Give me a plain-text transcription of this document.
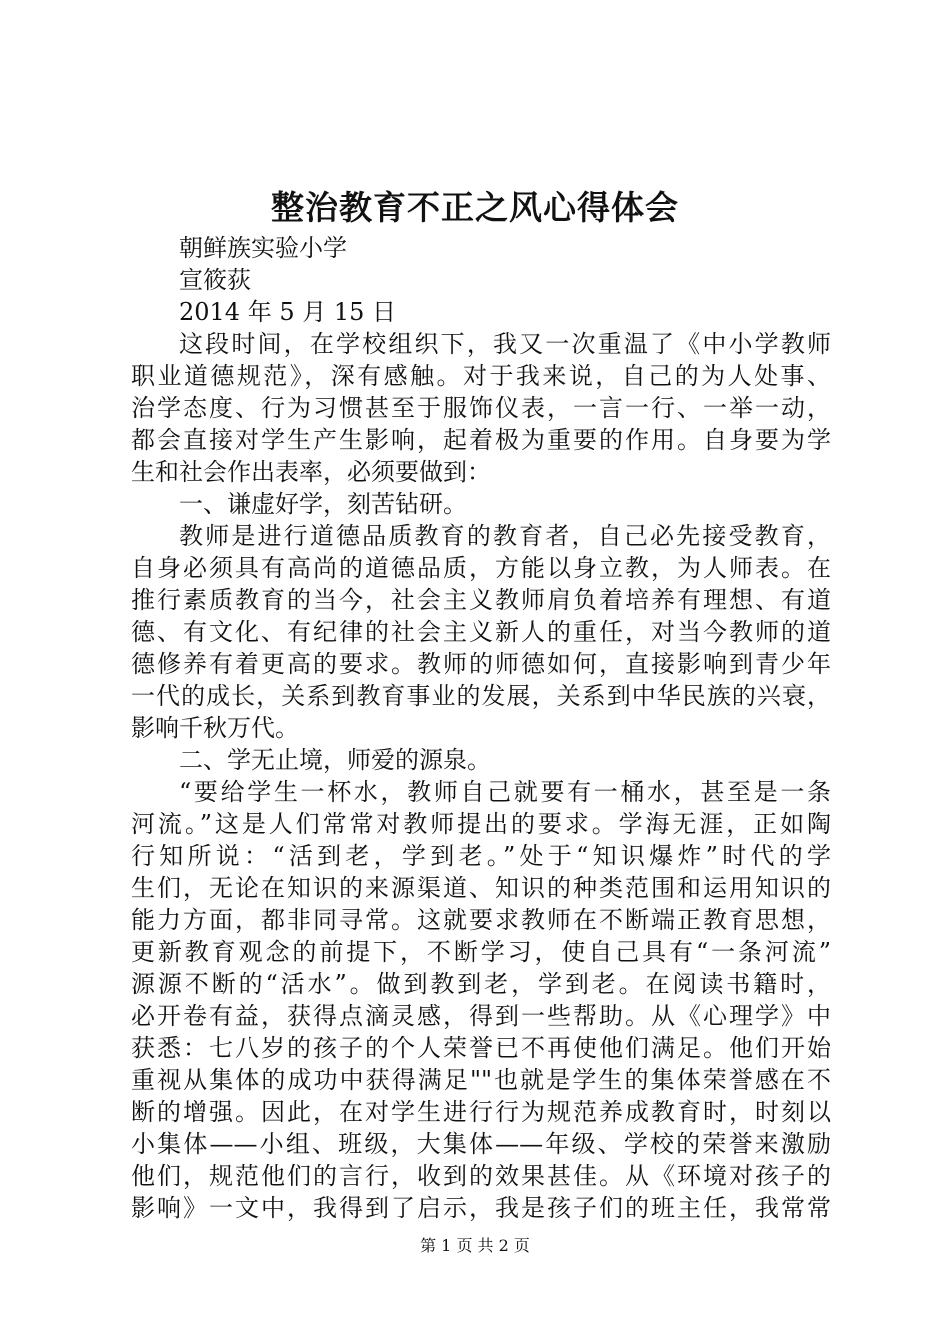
整治教育不正之风心得体会
朝鲜族实验小学
宣筱荻
2014 年 5 月 15 日
这段时间，在学校组织下，我又一次重温了《中小学教师
职业道德规范》，深有感触。对于我来说，自己的为人处事、
治学态度、行为习惯甚至于服饰仪表，一言一行、一举一动，
都会直接对学生产生影响，起着极为重要的作用。自身要为学
生和社会作出表率，必须要做到：
一、谦虚好学，刻苦钻研。
教师是进行道德品质教育的教育者，自己必先接受教育，
自身必须具有高尚的道德品质，方能以身立教，为人师表。在
推行素质教育的当今，社会主义教师肩负着培养有理想、有道
德、有文化、有纪律的社会主义新人的重任，对当今教师的道
德修养有着更高的要求。教师的师德如何，直接影响到青少年
一代的成长，关系到教育事业的发展，关系到中华民族的兴衰，
影响千秋万代。
二、学无止境，师爱的源泉。
“要给学生一杯水，教师自己就要有一桶水，甚至是一条
河流。”这是人们常常对教师提出的要求。学海无涯，正如陶
行知所说：“活到老，学到老。”处于“知识爆炸”时代的学
生们，无论在知识的来源渠道、知识的种类范围和运用知识的
能力方面，都非同寻常。这就要求教师在不断端正教育思想，
更新教育观念的前提下，不断学习，使自己具有“一条河流”
源源不断的“活水”。做到教到老，学到老。在阅读书籍时，
必开卷有益，获得点滴灵感，得到一些帮助。从《心理学》中
获悉：七八岁的孩子的个人荣誉已不再使他们满足。他们开始
重视从集体的成功中获得满足""也就是学生的集体荣誉感在不
断的增强。因此，在对学生进行行为规范养成教育时，时刻以
小集体——小组、班级，大集体——年级、学校的荣誉来激励
他们，规范他们的言行，收到的效果甚佳。从《环境对孩子的
影响》一文中，我得到了启示，我是孩子们的班主任，我常常
第 1 页 共 2 页
